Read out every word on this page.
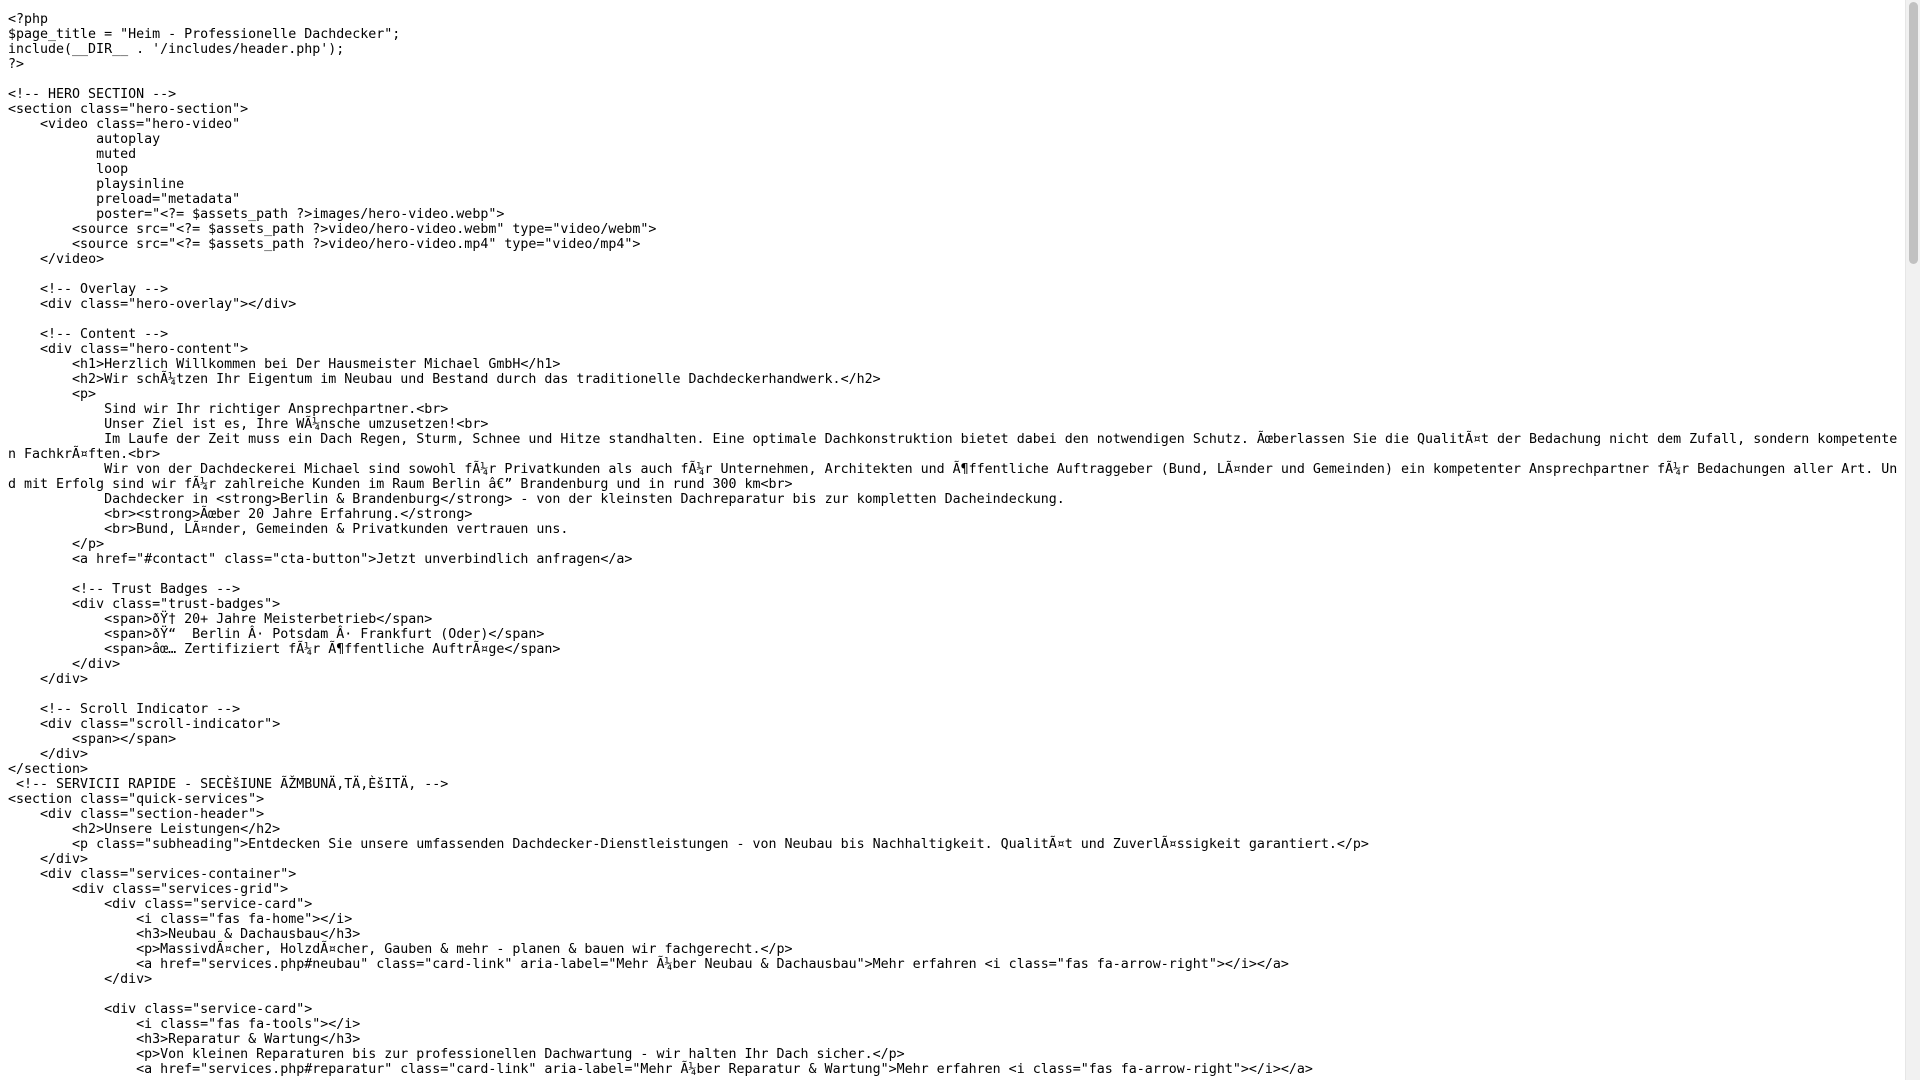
<?php
$page_title = "Heim - Professionelle Dachdecker";
include(__DIR__ . '/includes/header.php');
?>
<!-- HERO SECTION -->
<section class="hero-section">
<video class="hero-video"
autoplay
muted
loop
playsinline
preload="metadata"
poster="<?= $assets_path ?>images/hero-video.webp">
<source src="<?= $assets_path ?>video/hero-video.webm" type="video/webm">
<source src="<?= $assets_path ?>video/hero-video.mp4" type="video/mp4">
</video>
<!-- Overlay -->
<div class="hero-overlay"></div>
<!-- Content -->
<div class="hero-content">
<h1>Herzlich Willkommen bei Der Hausmeister Michael GmbH</h1>
<h2>Wir schÃ¼tzen Ihr Eigentum im Neubau und Bestand durch das traditionelle Dachdeckerhandwerk.</h2>
<p>
Sind wir Ihr richtiger Ansprechpartner.<br>
Unser Ziel ist es, Ihre WÃ¼nsche umzusetzen!<br>
Im Laufe der Zeit muss ein Dach Regen, Sturm, Schnee und Hitze standhalten. Eine optimale Dachkonstruktion bietet dabei den notwendigen Schutz. Ãœberlassen Sie die QualitÃ¤t der Bedachung nicht dem Zufall, sondern kompetenten FachkrÃ¤ften.<br>
Wir von der Dachdeckerei Michael sind sowohl fÃ¼r Privatkunden als auch fÃ¼r Unternehmen, Architekten und Ã¶ffentliche Auftraggeber (Bund, LÃ¤nder und Gemeinden) ein kompetenter Ansprechpartner fÃ¼r Bedachungen aller Art. Und mit Erfolg sind wir fÃ¼r zahlreiche Kunden im Raum Berlin â€” Brandenburg und in rund 300 km<br>
Dachdecker in <strong>Berlin & Brandenburg</strong> - von der kleinsten Dachreparatur bis zur kompletten Dacheindeckung.
<br><strong>Ãœber 20 Jahre Erfahrung.</strong>
<br>Bund, LÃ¤nder, Gemeinden & Privatkunden vertrauen uns.
</p>
<a href="#contact" class="cta-button">Jetzt unverbindlich anfragen</a>
<!-- Trust Badges -->
<div class="trust-badges">
<span>ðŸ† 20+ Jahre Meisterbetrieb</span>
<span>ðŸ“  Berlin Â· Potsdam Â· Frankfurt (Oder)</span>
<span>âœ… Zertifiziert fÃ¼r Ã¶ffentliche AuftrÃ¤ge</span>
</div>
</div>
<!-- Scroll Indicator -->
<div class="scroll-indicator">
<span></span>
</div>
</section>
<!-- SERVICII RAPIDE - SECÈšIUNE ÃŽMBUNÄ‚TÄ‚ÈšITÄ‚ -->
<section class="quick-services">
<div class="section-header">
<h2>Unsere Leistungen</h2>
<p class="subheading">Entdecken Sie unsere umfassenden Dachdecker-Dienstleistungen - von Neubau bis Nachhaltigkeit. QualitÃ¤t und ZuverlÃ¤ssigkeit garantiert.</p>
</div>
<div class="services-container">
<div class="services-grid">
<div class="service-card">
<i class="fas fa-home"></i>
<h3>Neubau & Dachausbau</h3>
<p>MassivdÃ¤cher, HolzdÃ¤cher, Gauben & mehr - planen & bauen wir fachgerecht.</p>
<a href="services.php#neubau" class="card-link" aria-label="Mehr Ã¼ber Neubau & Dachausbau">Mehr erfahren <i class="fas fa-arrow-right"></i></a>
</div>
<div class="service-card">
<i class="fas fa-tools"></i>
<h3>Reparatur & Wartung</h3>
<p>Von kleinen Reparaturen bis zur professionellen Dachwartung - wir halten Ihr Dach sicher.</p>
<a href="services.php#reparatur" class="card-link" aria-label="Mehr Ã¼ber Reparatur & Wartung">Mehr erfahren <i class="fas fa-arrow-right"></i></a>
